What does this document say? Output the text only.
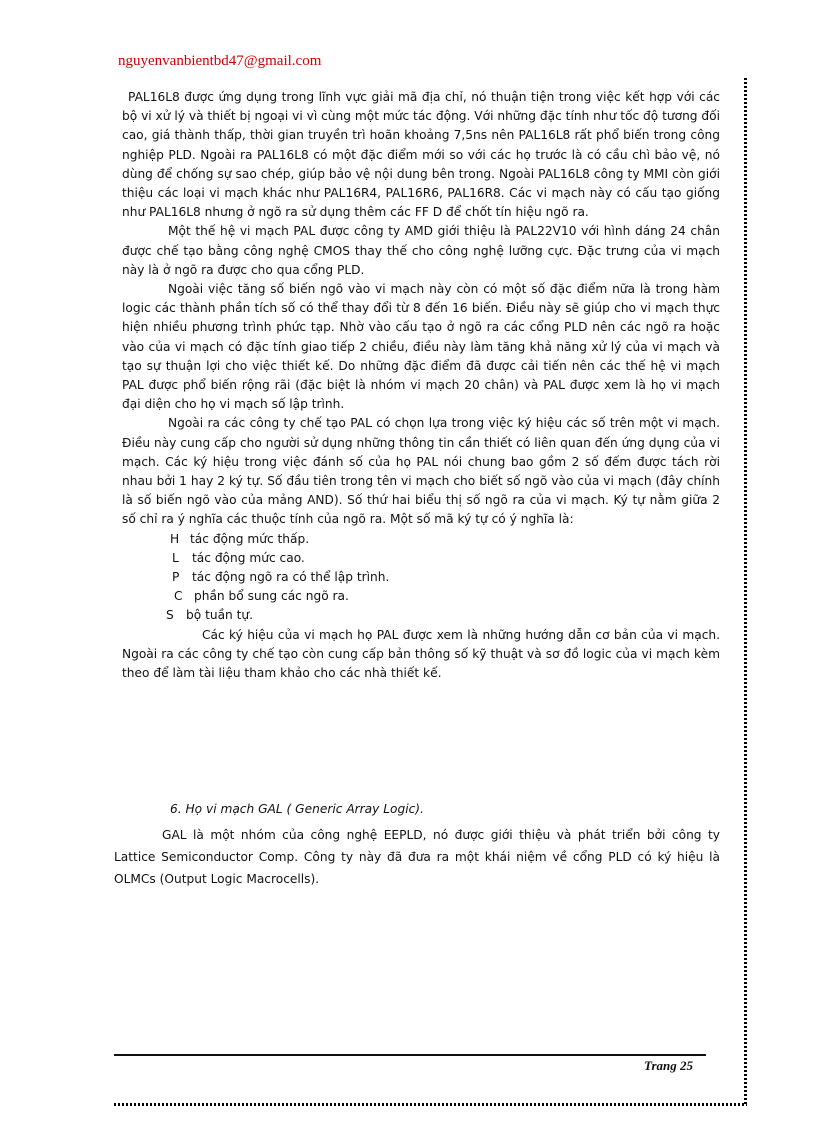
nguyenvanbientbd47@gmail.com

PAL16L8 được ứng dụng trong lĩnh vực giải mã địa chỉ, nó thuận tiện trong việc kết hợp với các bộ vi xử lý và thiết bị ngoại vi vì cùng một mức tác động. Với những đặc tính như tốc độ tương đối cao, giá thành thấp, thời gian truyền trì hoãn khoảng 7,5ns nên PAL16L8 rất phổ biến trong công nghiệp PLD. Ngoài ra PAL16L8 có một đặc điểm mới so với các họ trước là có cầu chì bảo vệ, nó dùng để chống sự sao chép, giúp bảo vệ nội dung bên trong. Ngoài PAL16L8 công ty MMI còn giới thiệu các loại vi mạch khác như PAL16R4, PAL16R6, PAL16R8. Các vi mạch này có cấu tạo giống như PAL16L8 nhưng ở ngõ ra sử dụng thêm các FF D để chốt tín hiệu ngõ ra.

Một thế hệ vi mạch PAL được công ty AMD giới thiệu là PAL22V10 với hình dáng 24 chân được chế tạo bằng công nghệ CMOS thay thế cho công nghệ lưỡng cực. Đặc trưng của vi mạch này là ở ngõ ra được cho qua cổng PLD.

Ngoài việc tăng số biến ngõ vào vi mạch này còn có một số đặc điểm nữa là trong hàm logic các thành phần tích số có thể thay đổi từ 8 đến 16 biến. Điều này sẽ giúp cho vi mạch thực hiện nhiều phương trình phức tạp. Nhờ vào cấu tạo ở ngõ ra các cổng PLD nên các ngõ ra hoặc vào của vi mạch có đặc tính giao tiếp 2 chiều, điều này làm tăng khả năng xử lý của vi mạch và tạo sự thuận lợi cho việc thiết kế. Do những đặc điểm đã được cải tiến nên các thế hệ vi mạch PAL được phổ biến rộng rãi (đặc biệt là nhóm vi mạch 20 chân) và PAL được xem là họ vi mạch đại diện cho họ vi mạch số lập trình.

Ngoài ra các công ty chế tạo PAL có chọn lựa trong việc ký hiệu các số trên một vi mạch. Điều này cung cấp cho người sử dụng những thông tin cần thiết có liên quan đến ứng dụng của vi mạch. Các ký hiệu trong việc đánh số của họ PAL nói chung bao gồm 2 số đếm được tách rời nhau bởi 1 hay 2 ký tự. Số đầu tiên trong tên vi mạch cho biết số ngõ vào của vi mạch (đây chính là số biến ngõ vào của mảng AND). Số thứ hai biểu thị số ngõ ra của vi mạch. Ký tự nằm giữa 2 số chỉ ra ý nghĩa các thuộc tính của ngõ ra. Một số mã ký tự có ý nghĩa là:

H tác động mức thấp.
L	tác động mức cao.
P	tác động ngõ ra có thể lập trình.
C phần bổ sung các ngõ ra.
S	bộ tuần tự.

Các ký hiệu của vi mạch họ PAL được xem là những hướng dẫn cơ bản của vi mạch. Ngoài ra các công ty chế tạo còn cung cấp bản thông số kỹ thuật và sơ đồ logic của vi mạch kèm theo để làm tài liệu tham khảo cho các nhà thiết kế.

6. Họ vi mạch GAL ( Generic Array Logic).

GAL là một nhóm của công nghệ EEPLD, nó được giới thiệu và phát triển bởi công ty Lattice Semiconductor Comp. Công ty này đã đưa ra một khái niệm về cổng PLD có ký hiệu là OLMCs (Output Logic Macrocells).

Trang 25
